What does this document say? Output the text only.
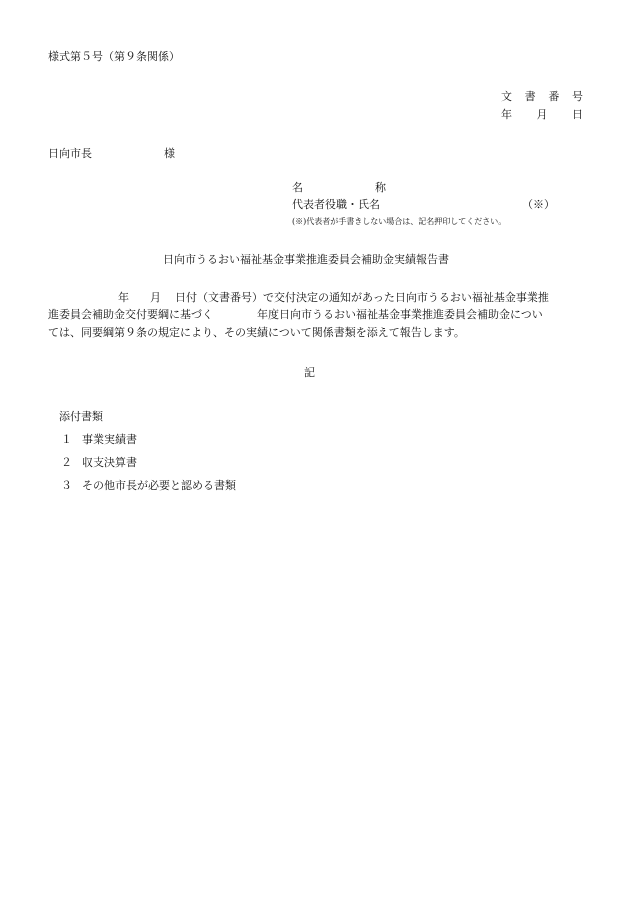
様式第５号（第９条関係）
文 書 番 号
年 月 日
日向市長	様
名	称
代表者役職・氏名	（※）
(※)代表者が手書きしない場合は、記名押印してください。
日向市うるおい福祉基金事業推進委員会補助金実績報告書
年 月 日付（文書番号）で交付決定の通知があった日向市うるおい福祉基金事業推
進委員会補助金交付要綱に基づく	年度日向市うるおい福祉基金事業推進委員会補助金につい
ては、同要綱第９条の規定により、その実績について関係書類を添えて報告します。
記
添付書類
１ 事業実績書
２ 収支決算書
３ その他市長が必要と認める書類
